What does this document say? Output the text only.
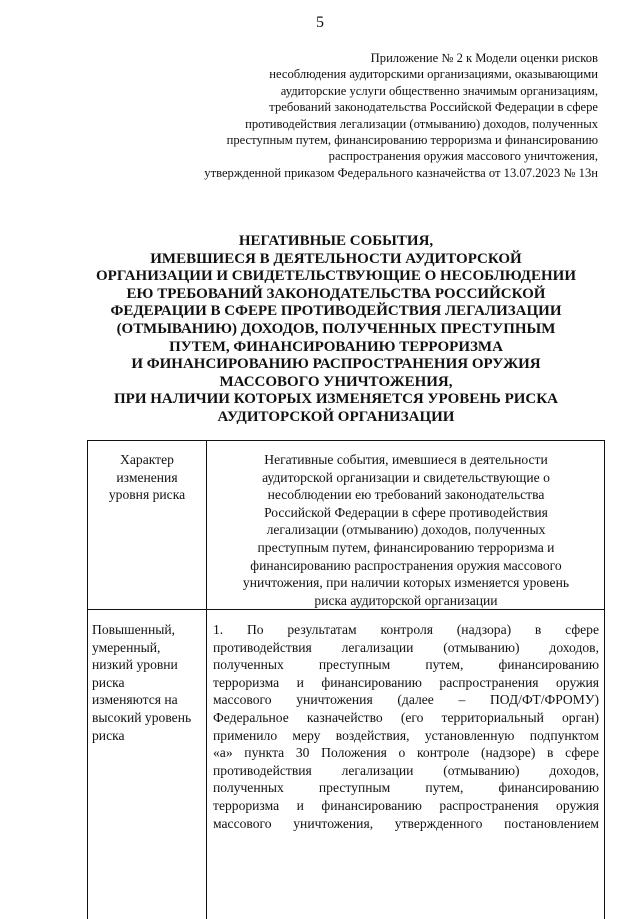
5
Приложение № 2 к Модели оценки рисков
несоблюдения аудиторскими организациями, оказывающими
аудиторские услуги общественно значимым организациям,
требований законодательства Российской Федерации в сфере
противодействия легализации (отмыванию) доходов, полученных
преступным путем, финансированию терроризма и финансированию
распространения оружия массового уничтожения,
утвержденной приказом Федерального казначейства от 13.07.2023 № 13н
НЕГАТИВНЫЕ СОБЫТИЯ,
ИМЕВШИЕСЯ В ДЕЯТЕЛЬНОСТИ АУДИТОРСКОЙ
ОРГАНИЗАЦИИ И СВИДЕТЕЛЬСТВУЮЩИЕ О НЕСОБЛЮДЕНИИ
ЕЮ ТРЕБОВАНИЙ ЗАКОНОДАТЕЛЬСТВА РОССИЙСКОЙ
ФЕДЕРАЦИИ В СФЕРЕ ПРОТИВОДЕЙСТВИЯ ЛЕГАЛИЗАЦИИ
(ОТМЫВАНИЮ) ДОХОДОВ, ПОЛУЧЕННЫХ ПРЕСТУПНЫМ
ПУТЕМ, ФИНАНСИРОВАНИЮ ТЕРРОРИЗМА
И ФИНАНСИРОВАНИЮ РАСПРОСТРАНЕНИЯ ОРУЖИЯ
МАССОВОГО УНИЧТОЖЕНИЯ,
ПРИ НАЛИЧИИ КОТОРЫХ ИЗМЕНЯЕТСЯ УРОВЕНЬ РИСКА
АУДИТОРСКОЙ ОРГАНИЗАЦИИ
Характер
изменения
уровня риска
Негативные события, имевшиеся в деятельности
аудиторской организации и свидетельствующие о
несоблюдении ею требований законодательства
Российской Федерации в сфере противодействия
легализации (отмыванию) доходов, полученных
преступным путем, финансированию терроризма и
финансированию распространения оружия массового
уничтожения, при наличии которых изменяется уровень
риска аудиторской организации
Повышенный,
умеренный,
низкий уровни
риска
изменяются на
высокий уровень
риска
1. По результатам контроля (надзора) в сфере
противодействия легализации (отмыванию) доходов,
полученных преступным путем, финансированию
терроризма и финансированию распространения оружия
массового уничтожения (далее – ПОД/ФТ/ФРОМУ)
Федеральное казначейство (его территориальный орган)
применило меру воздействия, установленную подпунктом
«а» пункта 30 Положения о контроле (надзоре) в сфере
противодействия легализации (отмыванию) доходов,
полученных преступным путем, финансированию
терроризма и финансированию распространения оружия
массового уничтожения, утвержденного постановлением
